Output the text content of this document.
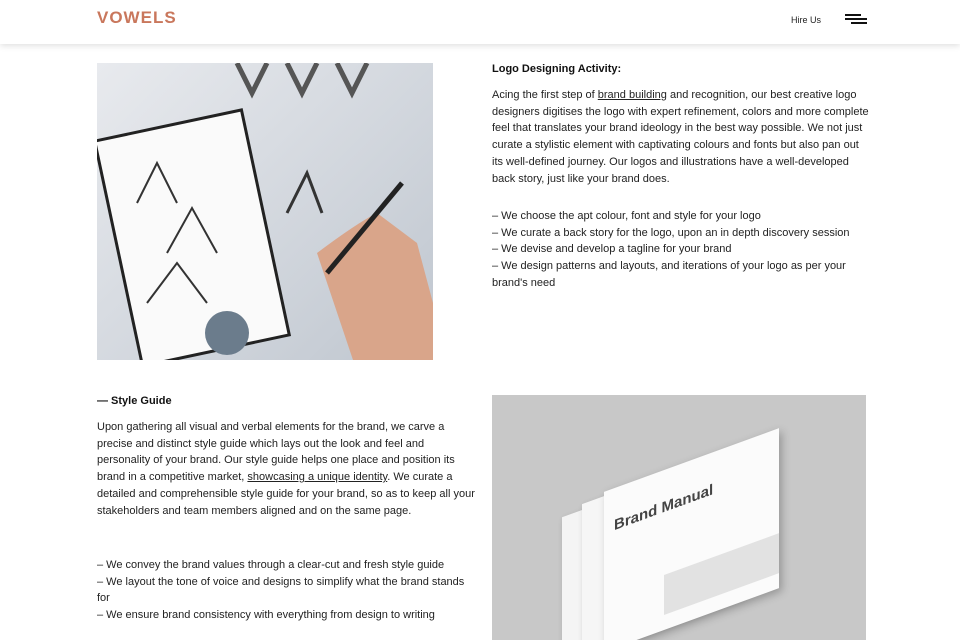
VOWELS	Hire Us
Logo Designing Activity:
Acing the first step of brand building and recognition, our best creative logo designers digitises the logo with expert refinement, colors and more complete feel that translates your brand ideology in the best way possible. We not just curate a stylistic element with captivating colours and fonts but also pan out its well-defined journey. Our logos and illustrations have a well-developed back story, just like your brand does.
– We choose the apt colour, font and style for your logo
– We curate a back story for the logo, upon an in depth discovery session
– We devise and develop a tagline for your brand
– We design patterns and layouts, and iterations of your logo as per your brand's need
— Style Guide
Upon gathering all visual and verbal elements for the brand, we carve a precise and distinct style guide which lays out the look and feel and personality of your brand. Our style guide helps one place and position its brand in a competitive market, showcasing a unique identity. We curate a detailed and comprehensible style guide for your brand, so as to keep all your stakeholders and team members aligned and on the same page.
– We convey the brand values through a clear-cut and fresh style guide
– We layout the tone of voice and designs to simplify what the brand stands for
– We ensure brand consistency with everything from design to writing
Brand Manual
